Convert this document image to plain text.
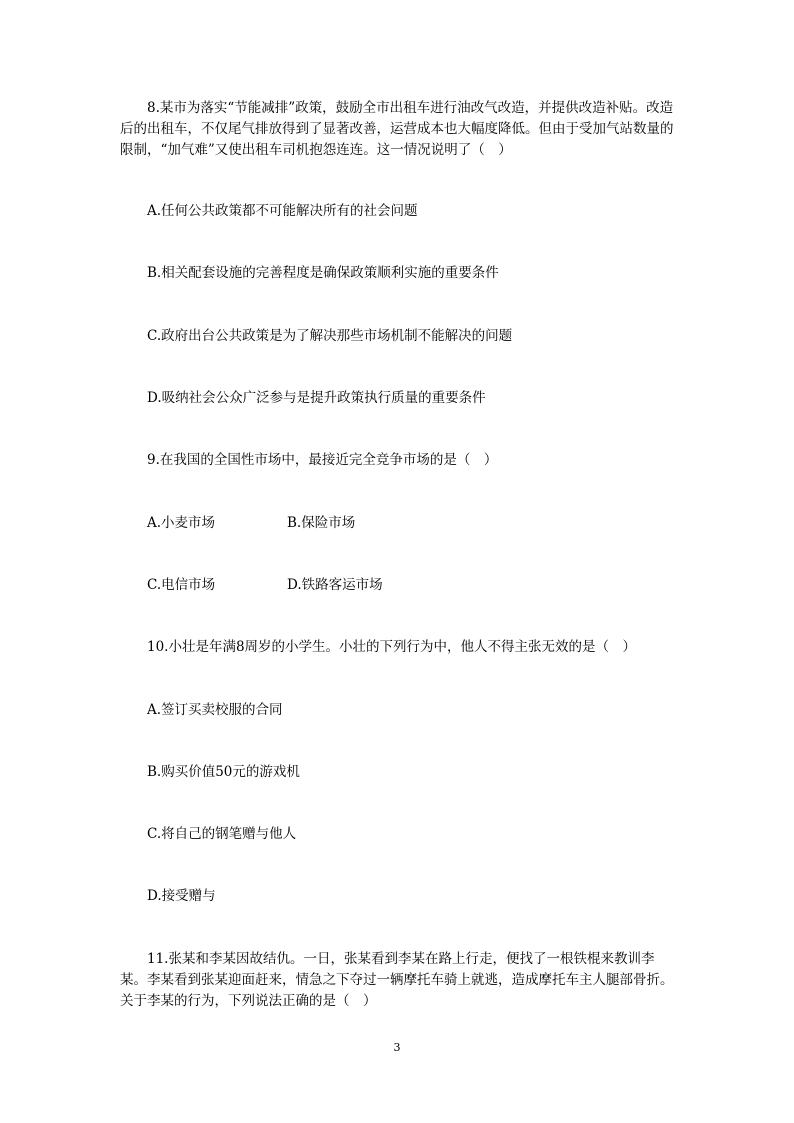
8.某市为落实“节能减排”政策，鼓励全市出租车进行油改气改造，并提供改造补贴。改造后的出租车，不仅尾气排放得到了显著改善，运营成本也大幅度降低。但由于受加气站数量的限制，“加气难”又使出租车司机抱怨连连。这一情况说明了（　）

A.任何公共政策都不可能解决所有的社会问题

B.相关配套设施的完善程度是确保政策顺利实施的重要条件

C.政府出台公共政策是为了解决那些市场机制不能解决的问题

D.吸纳社会公众广泛参与是提升政策执行质量的重要条件

9.在我国的全国性市场中，最接近完全竞争市场的是（　）

A.小麦市场	B.保险市场

C.电信市场	D.铁路客运市场

10.小壮是年满8周岁的小学生。小壮的下列行为中，他人不得主张无效的是（　）

A.签订买卖校服的合同

B.购买价值50元的游戏机

C.将自己的钢笔赠与他人

D.接受赠与

11.张某和李某因故结仇。一日，张某看到李某在路上行走，便找了一根铁棍来教训李某。李某看到张某迎面赶来，情急之下夺过一辆摩托车骑上就逃，造成摩托车主人腿部骨折。关于李某的行为，下列说法正确的是（　）

3
